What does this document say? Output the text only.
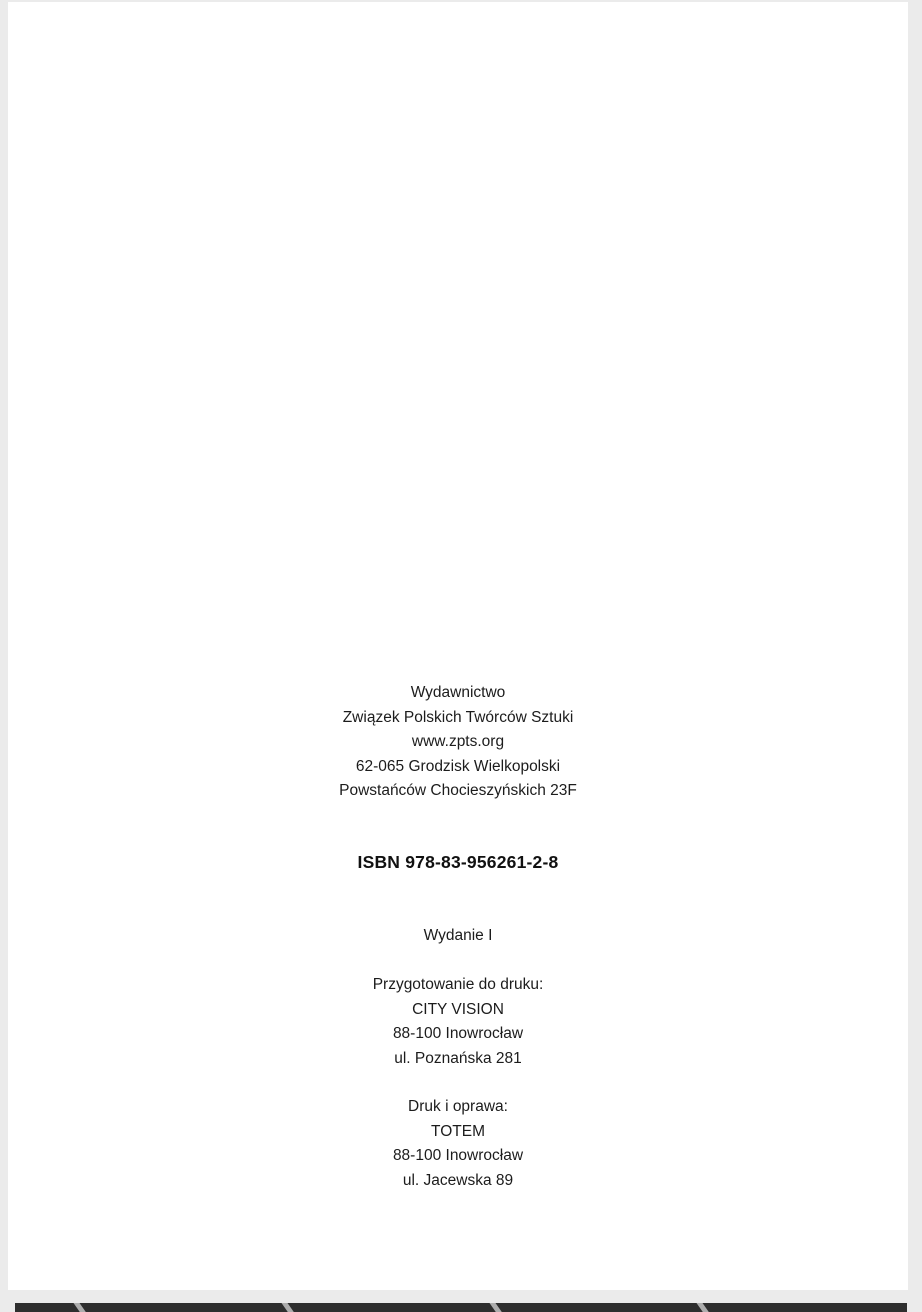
Wydawnictwo
Związek Polskich Twórców Sztuki
www.zpts.org
62-065 Grodzisk Wielkopolski
Powstańców Chocieszyńskich 23F
ISBN 978-83-956261-2-8
Wydanie I
Przygotowanie do druku:
CITY VISION
88-100 Inowrocław
ul. Poznańska 281
Druk i oprawa:
TOTEM
88-100 Inowrocław
ul. Jacewska 89
